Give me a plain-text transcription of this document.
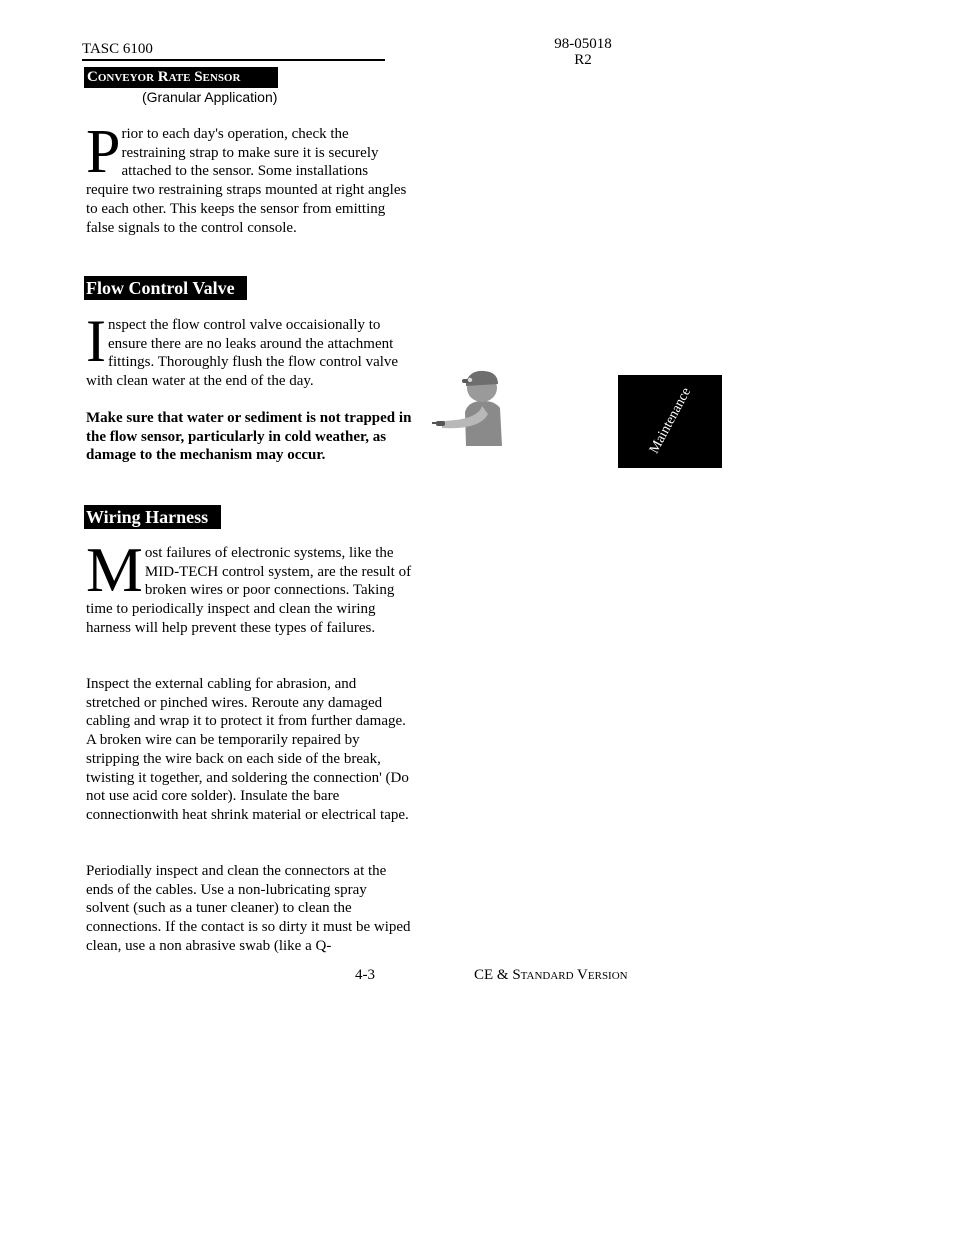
TASC 6100	98-05018
R2
Conveyor Rate Sensor
(Granular Application)
P rior to each day's operation, check the restraining strap to make sure it is securely attached to the sensor. Some installations require two restraining straps mounted at right angles to each other. This keeps the sensor from emitting false signals to the control console.
Flow Control Valve
I nspect the flow control valve occaisionally to ensure there are no leaks around the attachment fittings. Thoroughly flush the flow control valve with clean water at the end of the day.
Make sure that water or sediment is not trapped in the flow sensor, particularly in cold weather, as damage to the mechanism may occur.
Wiring Harness
M ost failures of electronic systems, like the MID-TECH control system, are the result of broken wires or poor connections. Taking time to periodically inspect and clean the wiring harness will help prevent these types of failures.
Inspect the external cabling for abrasion, and stretched or pinched wires. Reroute any damaged cabling and wrap it to protect it from further damage. A broken wire can be temporarily repaired by stripping the wire back on each side of the break, twisting it together, and soldering the connection' (Do not use acid core solder). Insulate the bare connectionwith heat shrink material or electrical tape.
Periodially inspect and clean the connectors at the ends of the cables. Use a non-lubricating spray solvent (such as a tuner cleaner) to clean the connections. If the contact is so dirty it must be wiped clean, use a non abrasive swab (like a Q-
Maintenance
4-3	CE & Standard Version
